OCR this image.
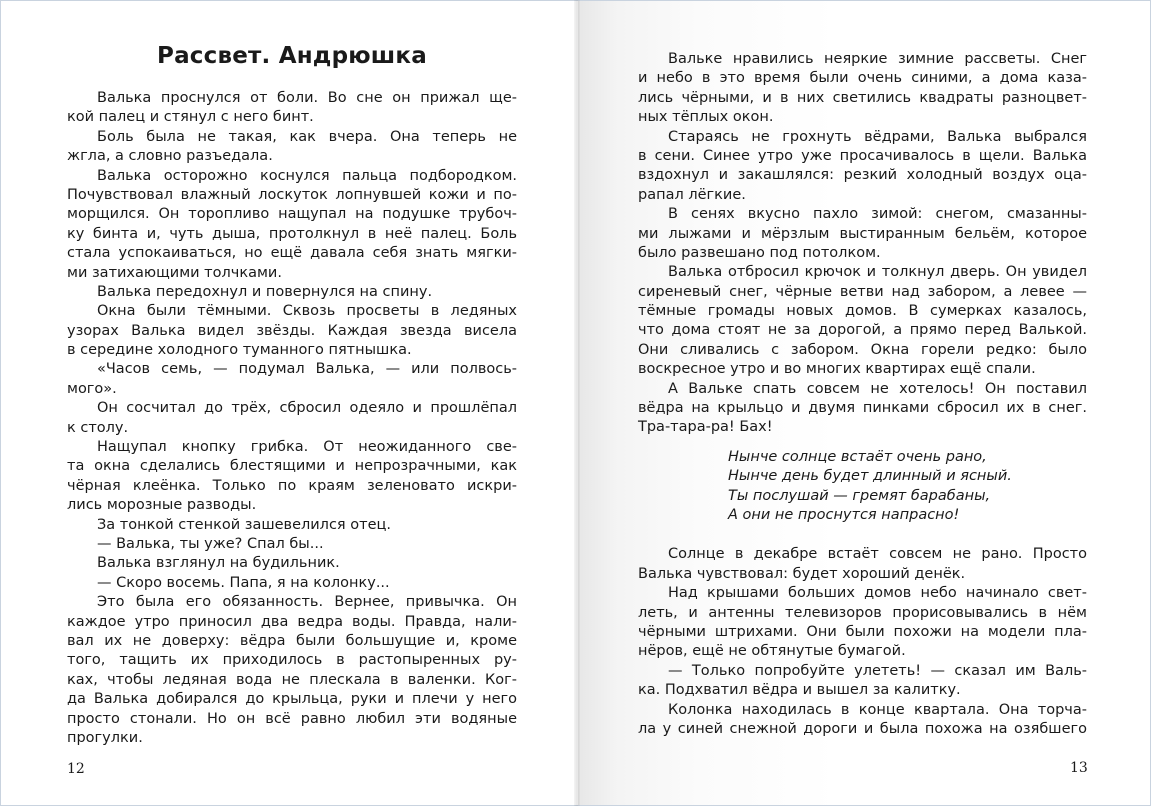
Рассвет. Андрюшка
Валька проснулся от боли. Во сне он прижал ще-
кой палец и стянул с него бинт.
Боль была не такая, как вчера. Она теперь не
жгла, а словно разъедала.
Валька осторожно коснулся пальца подбородком.
Почувствовал влажный лоскуток лопнувшей кожи и по-
морщился. Он торопливо нащупал на подушке трубоч-
ку бинта и, чуть дыша, протолкнул в неё палец. Боль
стала успокаиваться, но ещё давала себя знать мягки-
ми затихающими толчками.
Валька передохнул и повернулся на спину.
Окна были тёмными. Сквозь просветы в ледяных
узорах Валька видел звёзды. Каждая звезда висела
в середине холодного туманного пятнышка.
«Часов семь, — подумал Валька, — или полвось-
мого».
Он сосчитал до трёх, сбросил одеяло и прошлёпал
к столу.
Нащупал кнопку грибка. От неожиданного све-
та окна сделались блестящими и непрозрачными, как
чёрная клеёнка. Только по краям зеленовато искри-
лись морозные разводы.
За тонкой стенкой зашевелился отец.
— Валька, ты уже? Спал бы...
Валька взглянул на будильник.
— Скоро восемь. Папа, я на колонку...
Это была его обязанность. Вернее, привычка. Он
каждое утро приносил два ведра воды. Правда, нали-
вал их не доверху: вёдра были большущие и, кроме
того, тащить их приходилось в растопыренных ру-
ках, чтобы ледяная вода не плескала в валенки. Ког-
да Валька добирался до крыльца, руки и плечи у него
просто стонали. Но он всё равно любил эти водяные
прогулки.
12
Вальке нравились неяркие зимние рассветы. Снег
и небо в это время были очень синими, а дома каза-
лись чёрными, и в них светились квадраты разноцвет-
ных тёплых окон.
Стараясь не грохнуть вёдрами, Валька выбрался
в сени. Синее утро уже просачивалось в щели. Валька
вздохнул и закашлялся: резкий холодный воздух оца-
рапал лёгкие.
В сенях вкусно пахло зимой: снегом, смазанны-
ми лыжами и мёрзлым выстиранным бельём, которое
было развешано под потолком.
Валька отбросил крючок и толкнул дверь. Он увидел
сиреневый снег, чёрные ветви над забором, а левее —
тёмные громады новых домов. В сумерках казалось,
что дома стоят не за дорогой, а прямо перед Валькой.
Они сливались с забором. Окна горели редко: было
воскресное утро и во многих квартирах ещё спали.
А Вальке спать совсем не хотелось! Он поставил
вёдра на крыльцо и двумя пинками сбросил их в снег.
Тра-тара-ра! Бах!
Нынче солнце встаёт очень рано,
Нынче день будет длинный и ясный.
Ты послушай — гремят барабаны,
А они не проснутся напрасно!
Солнце в декабре встаёт совсем не рано. Просто
Валька чувствовал: будет хороший денёк.
Над крышами больших домов небо начинало свет-
леть, и антенны телевизоров прорисовывались в нём
чёрными штрихами. Они были похожи на модели пла-
нёров, ещё не обтянутые бумагой.
— Только попробуйте улететь! — сказал им Валь-
ка. Подхватил вёдра и вышел за калитку.
Колонка находилась в конце квартала. Она торча-
ла у синей снежной дороги и была похожа на озябшего
13
